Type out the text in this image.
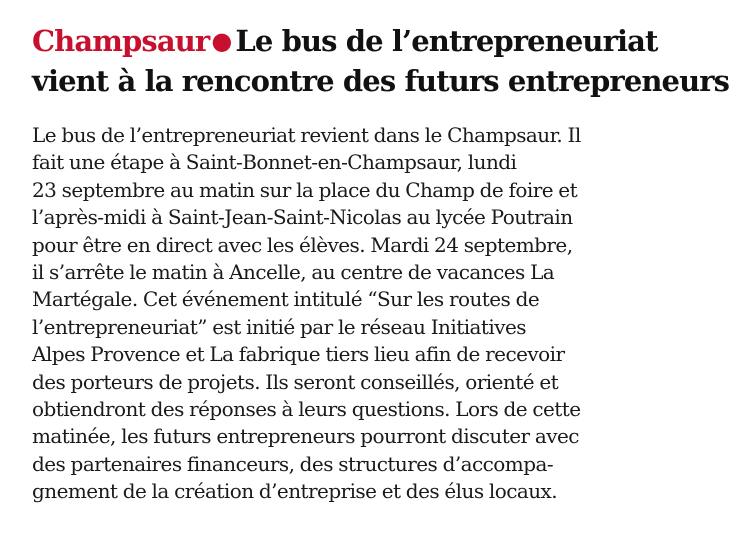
Champsaur● Le bus de l’entrepreneuriat
vient à la rencontre des futurs entrepreneurs
Le bus de l’entrepreneuriat revient dans le Champsaur. Il
fait une étape à Saint-Bonnet-en-Champsaur, lundi
23 septembre au matin sur la place du Champ de foire et
l’après-midi à Saint-Jean-Saint-Nicolas au lycée Poutrain
pour être en direct avec les élèves. Mardi 24 septembre,
il s’arrête le matin à Ancelle, au centre de vacances La
Martégale. Cet événement intitulé “Sur les routes de
l’entrepreneuriat” est initié par le réseau Initiatives
Alpes Provence et La fabrique tiers lieu afin de recevoir
des porteurs de projets. Ils seront conseillés, orienté et
obtiendront des réponses à leurs questions. Lors de cette
matinée, les futurs entrepreneurs pourront discuter avec
des partenaires financeurs, des structures d’accompa-
gnement de la création d’entreprise et des élus locaux.
